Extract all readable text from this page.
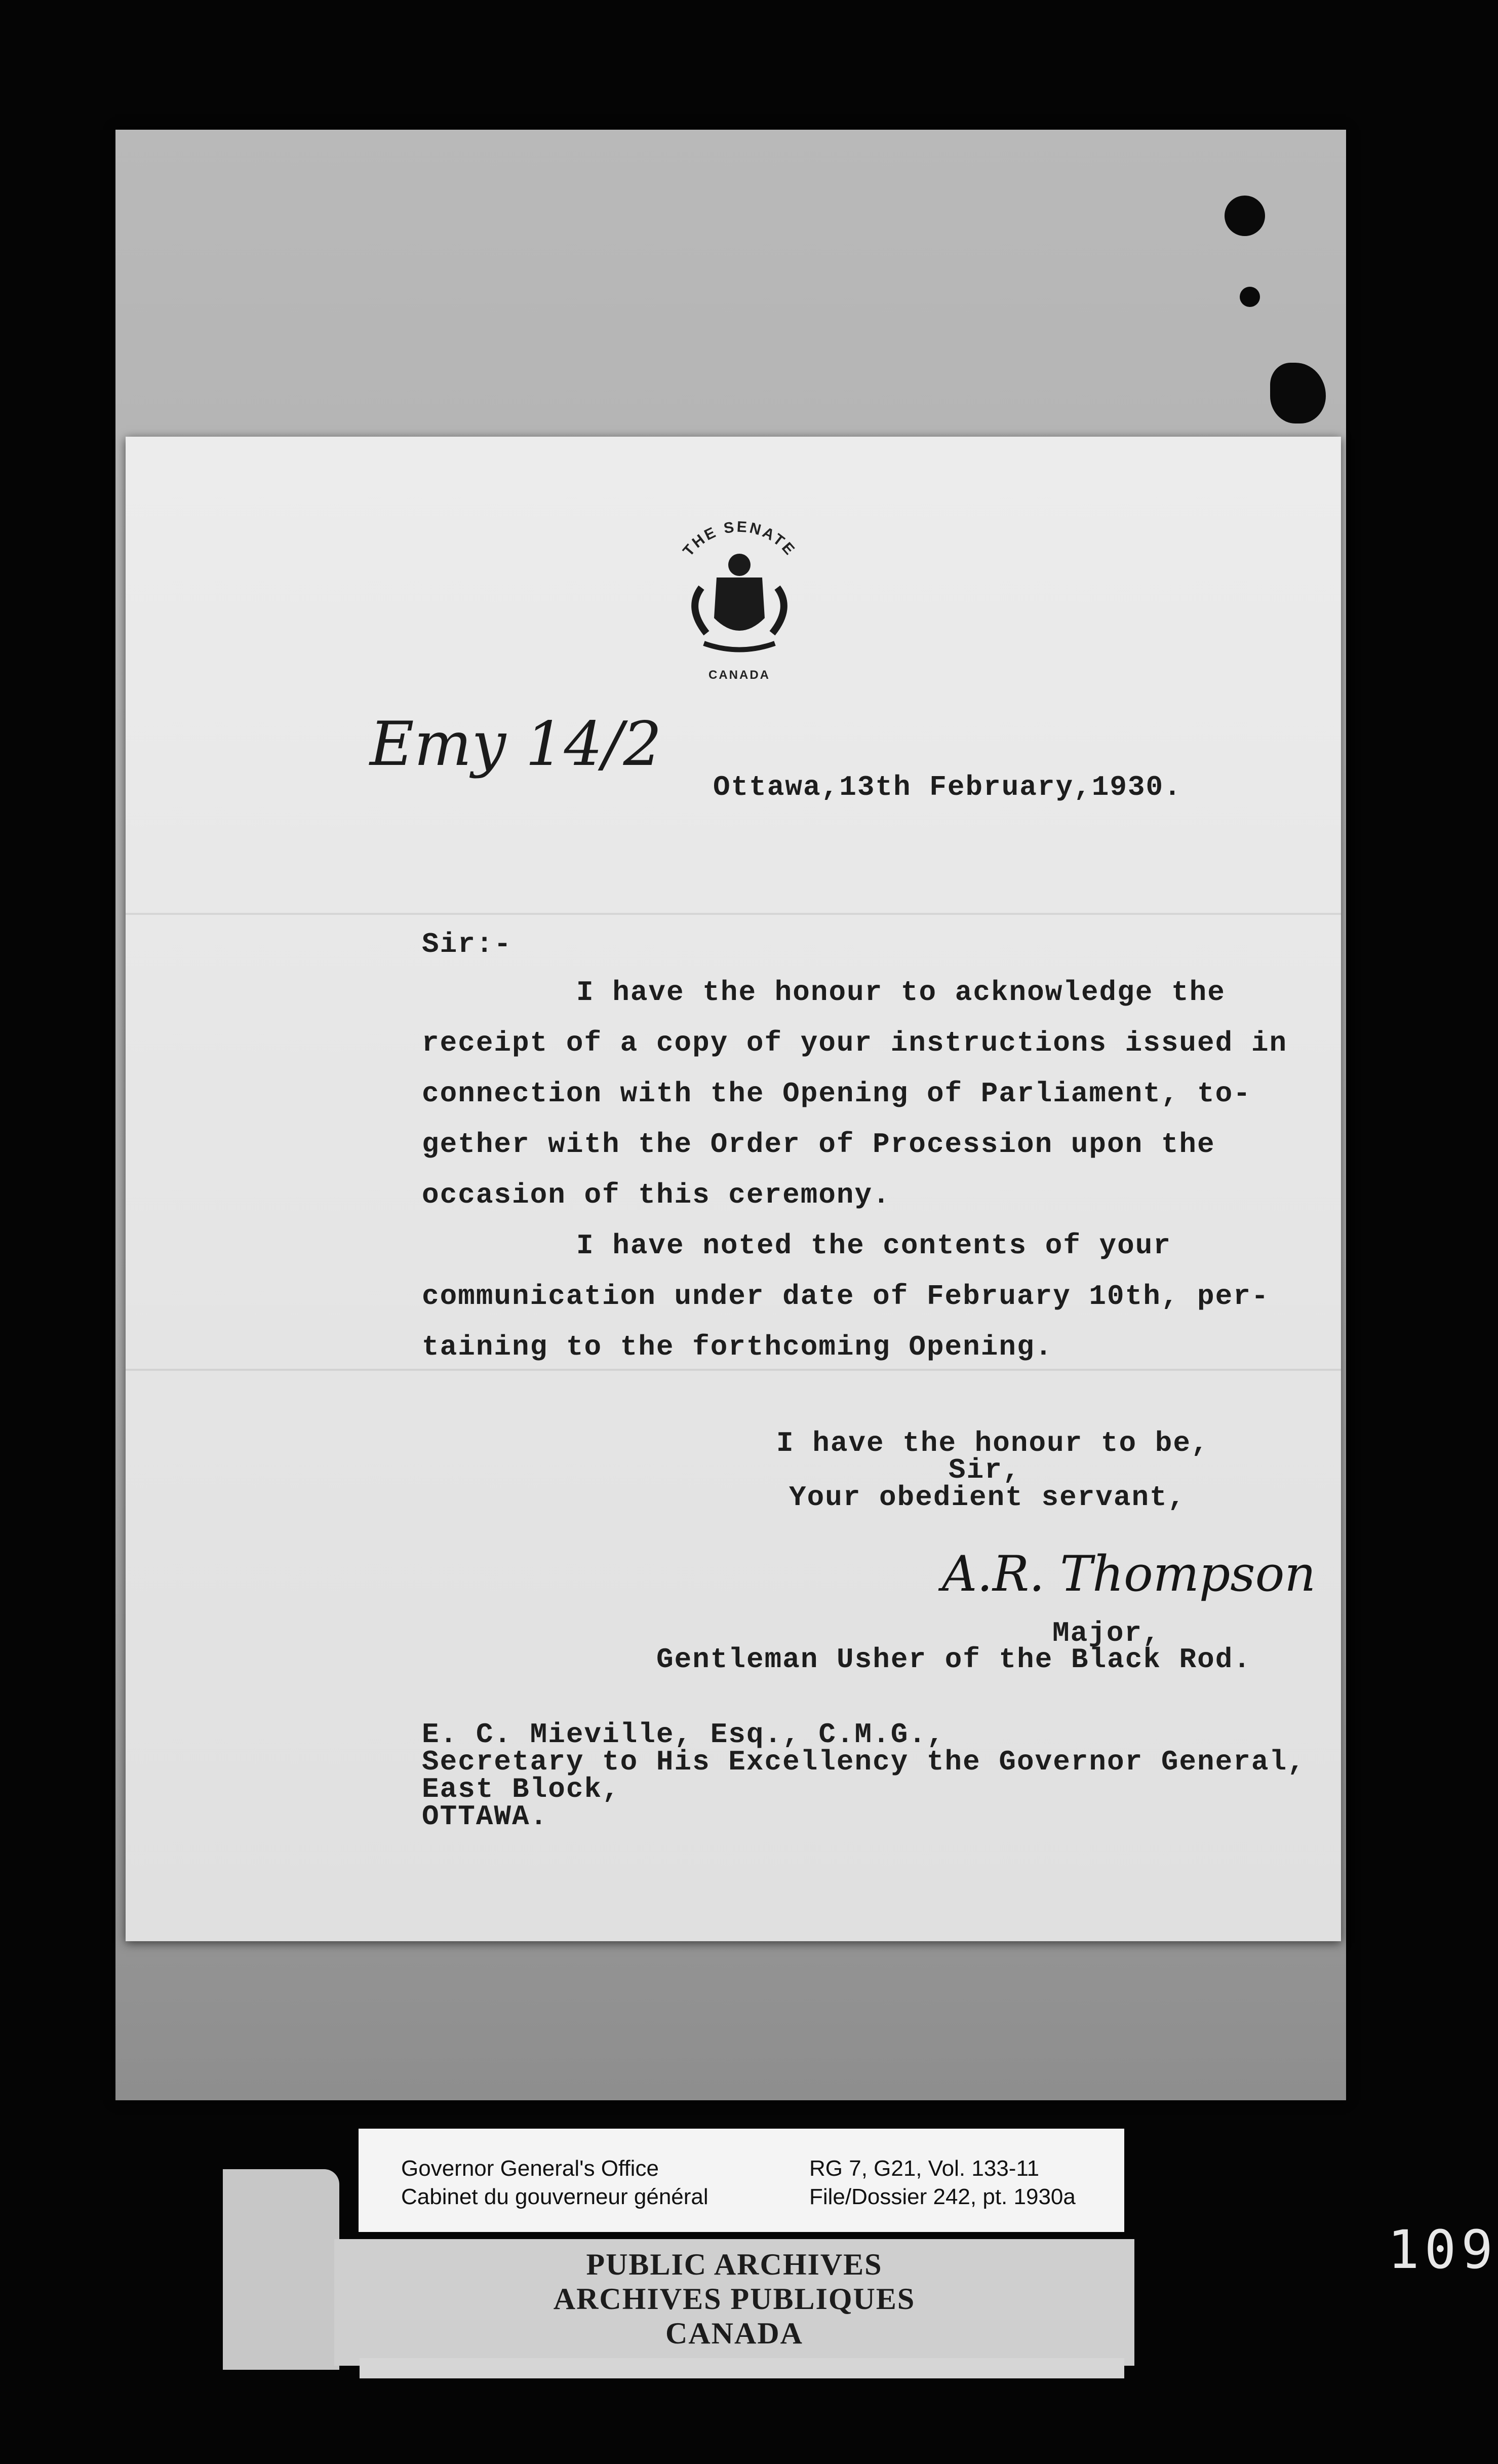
Ottawa,13th February,1930.
Sir:-
I have the honour to acknowledge the
receipt of a copy of your instructions issued in
connection with the Opening of Parliament, to-
gether with the Order of Procession upon the
occasion of this ceremony.
I have noted the contents of your
communication under date of February 10th, per-
taining to the forthcoming Opening.
I have the honour to be,
Sir,
Your obedient servant,
Major,
Gentleman Usher of the Black Rod.
E. C. Mieville, Esq., C.M.G.,
Secretary to His Excellency the Governor General,
East Block,
OTTAWA.
THE SENATE
CANADA
Emy 14/2
A.R. Thompson
PUBLIC ARCHIVES
ARCHIVES PUBLIQUES
CANADA
Governor General's Office
Cabinet du gouverneur général
RG 7, G21, Vol. 133-11
File/Dossier 242, pt. 1930a
109
